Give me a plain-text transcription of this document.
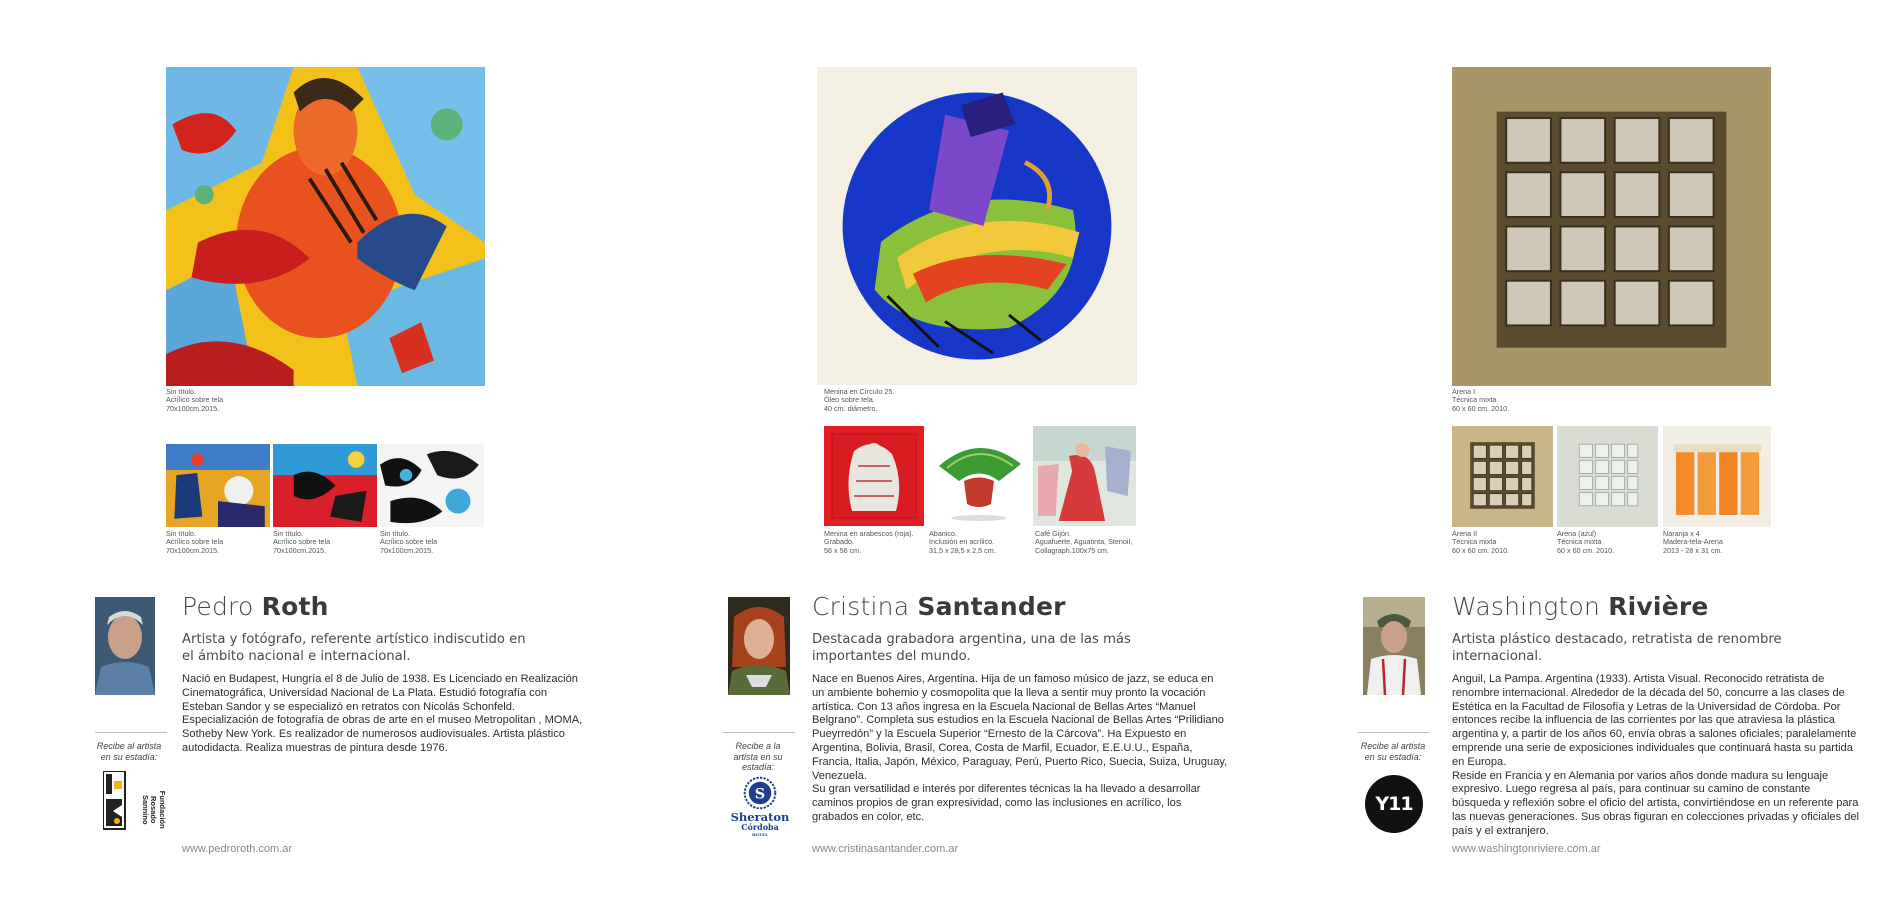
Sin título.
Acrílico sobre tela
70x100cm.2015.
Sin título.
Acrílico sobre tela
70x100cm.2015.
Sin título.
Acrílico sobre tela
70x100cm.2015.
Sin título.
Acrílico sobre tela
70x100cm.2015.
Pedro Roth
Artista y fotógrafo, referente artístico indiscutido en el ámbito nacional e internacional.

Nació en Budapest, Hungría el 8 de Julio de 1938. Es Licenciado en Realización Cinematográfica, Universidad Nacional de La Plata. Estudió fotografía con Esteban Sandor y se especializó en retratos con Nicolás Schonfeld. Especialización de fotografía de obras de arte en el museo Metropolitan , MOMA, Sotheby New York. Es realizador de numerosos audiovisuales. Artista plástico autodidacta. Realiza muestras de pintura desde 1976.

Recibe al artista en su estadía:
Fundación Rosado Sannino
www.pedroroth.com.ar
Menina en Círculo 25.
Óleo sobre tela.
40 cm. diámetro.
Menina en arabescos (roja).
Grabado.
56 x 56 cm.
Abanico.
Inclusión en acrílico.
31,5 x 28,5 x 2,5 cm.
Café Gijón.
Aguafuerte, Aguatinta, Stenoil,
Collagraph.100x75 cm.
Cristina Santander
Destacada grabadora argentina, una de las más importantes del mundo.

Nace en Buenos Aires, Argentina. Hija de un famoso músico de jazz, se educa en un ambiente bohemio y cosmopolita que la lleva a sentir muy pronto la vocación artística. Con 13 años ingresa en la Escuela Nacional de Bellas Artes “Manuel Belgrano”. Completa sus estudios en la Escuela Nacional de Bellas Artes “Prilidiano Pueyrredón” y la Escuela Superior “Ernesto de la Cárcova”. Ha Expuesto en Argentina, Bolivia, Brasil, Corea, Costa de Marfil, Ecuador, E.E.U.U., España, Francia, Italia, Japón, México, Paraguay, Perú, Puerto Rico, Suecia, Suiza, Uruguay, Venezuela.

Su gran versatilidad e interés por diferentes técnicas la ha llevado a desarrollar caminos propios de gran expresividad, como las inclusiones en acrílico, los grabados en color, etc.

Recibe a la artista en su estadía:
S
Sheraton
Córdoba
HOTEL
www.cristinasantander.com.ar
Arena I
Técnica mixta
60 x 60 cm. 2010.
Arena II
Técnica mixta
60 x 60 cm. 2010.
Arena (azul)
Técnica mixta
60 x 60 cm. 2010.
Naranja x 4
Madera-tela-Arena
2013 - 28 x 31 cm.
Washington Rivière
Artista plástico destacado, retratista de renombre internacional.

Anguil, La Pampa. Argentina (1933). Artista Visual. Reconocido retratista de renombre internacional. Alrededor de la década del 50, concurre a las clases de Estética en la Facultad de Filosofía y Letras de la Universidad de Córdoba. Por entonces recibe la influencia de las corrientes por las que atraviesa la plástica argentina y, a partir de los años 60, envía obras a salones oficiales; paralelamente emprende una serie de exposiciones individuales que continuará hasta su partida en Europa.

Reside en Francia y en Alemania por varios años donde madura su lenguaje expresivo. Luego regresa al país, para continuar su camino de constante búsqueda y reflexión sobre el oficio del artista, convirtiéndose en un referente para las nuevas generaciones. Sus obras figuran en colecciones privadas y oficiales del país y el extranjero.

Recibe al artista en su estadía:
Y11
www.washingtonriviere.com.ar
